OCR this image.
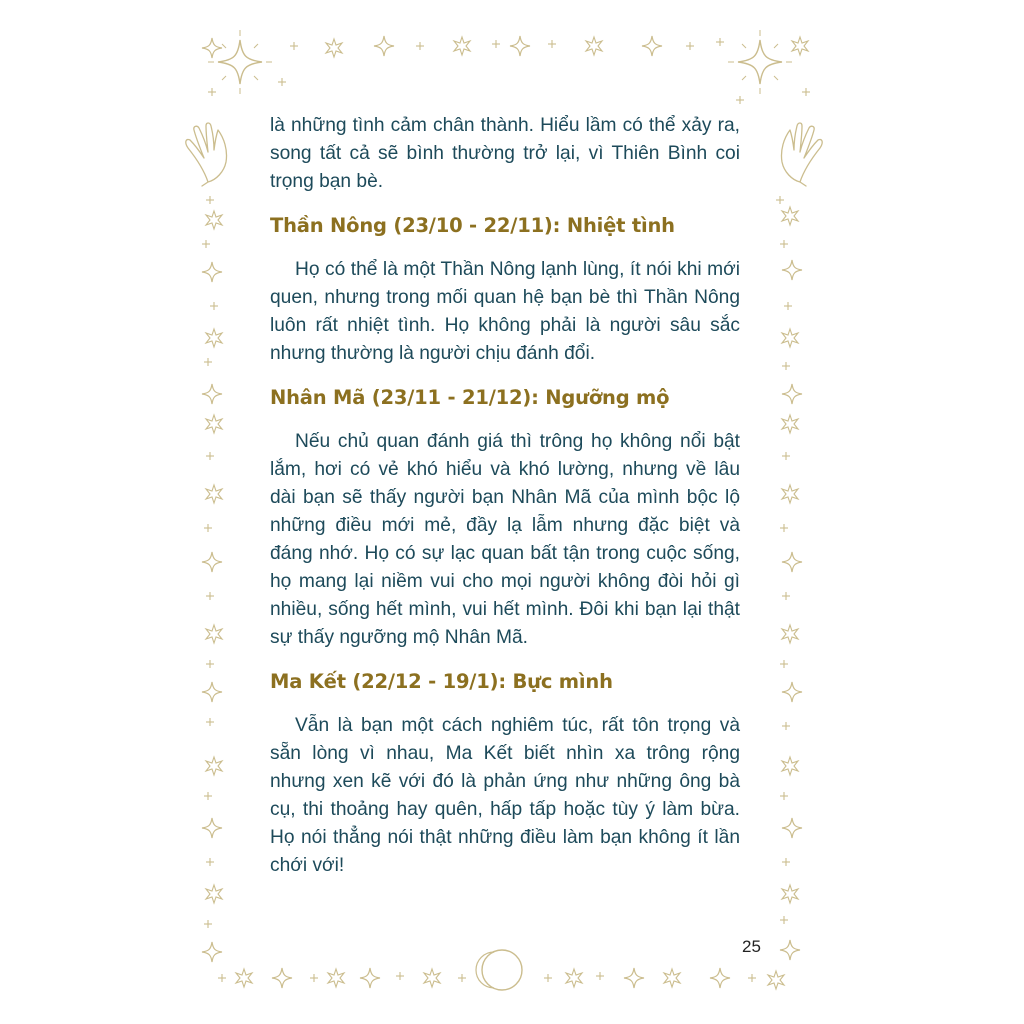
là những tình cảm chân thành. Hiểu lầm có thể xảy ra, song tất cả sẽ bình thường trở lại, vì Thiên Bình coi trọng bạn bè.

Thần Nông (23/10 - 22/11): Nhiệt tình

Họ có thể là một Thần Nông lạnh lùng, ít nói khi mới quen, nhưng trong mối quan hệ bạn bè thì Thần Nông luôn rất nhiệt tình. Họ không phải là người sâu sắc nhưng thường là người chịu đánh đổi.

Nhân Mã (23/11 - 21/12): Ngưỡng mộ

Nếu chủ quan đánh giá thì trông họ không nổi bật lắm, hơi có vẻ khó hiểu và khó lường, nhưng về lâu dài bạn sẽ thấy người bạn Nhân Mã của mình bộc lộ những điều mới mẻ, đầy lạ lẫm nhưng đặc biệt và đáng nhớ. Họ có sự lạc quan bất tận trong cuộc sống, họ mang lại niềm vui cho mọi người không đòi hỏi gì nhiều, sống hết mình, vui hết mình. Đôi khi bạn lại thật sự thấy ngưỡng mộ Nhân Mã.

Ma Kết (22/12 - 19/1): Bực mình

Vẫn là bạn một cách nghiêm túc, rất tôn trọng và sẵn lòng vì nhau, Ma Kết biết nhìn xa trông rộng nhưng xen kẽ với đó là phản ứng như những ông bà cụ, thi thoảng hay quên, hấp tấp hoặc tùy ý làm bừa. Họ nói thẳng nói thật những điều làm bạn không ít lần chới với!

25
